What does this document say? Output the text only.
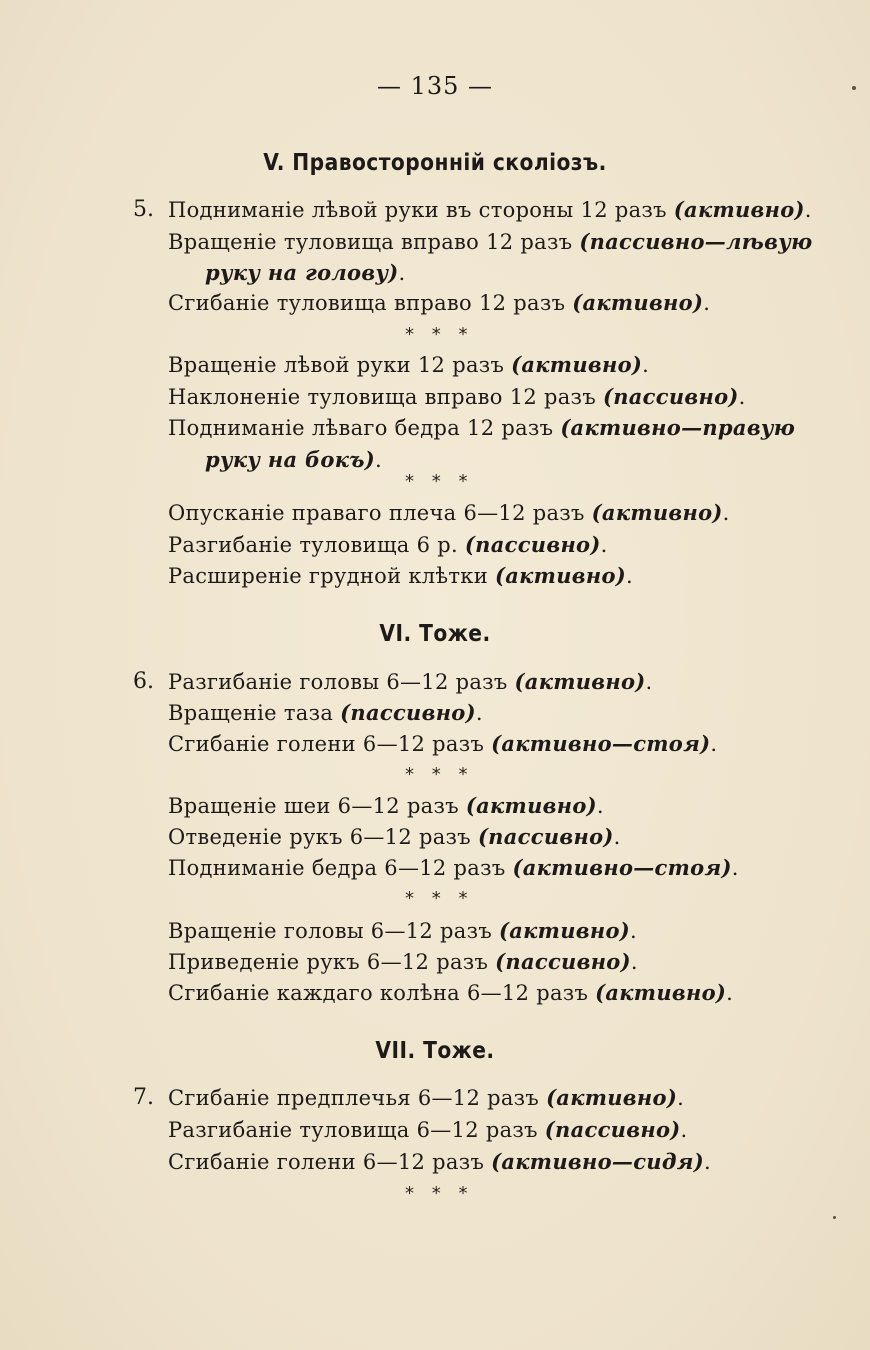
— 135 —
V. Правосторонній сколіозъ.
5. Подниманіе лѣвой руки въ стороны 12 разъ (активно).
Вращеніе туловища вправо 12 разъ (пассивно—лѣвую
руку на голову).
Сгибаніе туловища вправо 12 разъ (активно).
* * *
Вращеніе лѣвой руки 12 разъ (активно).
Наклоненіе туловища вправо 12 разъ (пассивно).
Подниманіе лѣваго бедра 12 разъ (активно—правую
руку на бокъ).
* * *
Опусканіе праваго плеча 6—12 разъ (активно).
Разгибаніе туловища 6 р. (пассивно).
Расширеніе грудной клѣтки (активно).
VI. Тоже.
6. Разгибаніе головы 6—12 разъ (активно).
Вращеніе таза (пассивно).
Сгибаніе голени 6—12 разъ (активно—стоя).
* * *
Вращеніе шеи 6—12 разъ (активно).
Отведеніе рукъ 6—12 разъ (пассивно).
Подниманіе бедра 6—12 разъ (активно—стоя).
* * *
Вращеніе головы 6—12 разъ (активно).
Приведеніе рукъ 6—12 разъ (пассивно).
Сгибаніе каждаго колѣна 6—12 разъ (активно).
VII. Тоже.
7. Сгибаніе предплечья 6—12 разъ (активно).
Разгибаніе туловища 6—12 разъ (пассивно).
Сгибаніе голени 6—12 разъ (активно—сидя).
* * *
